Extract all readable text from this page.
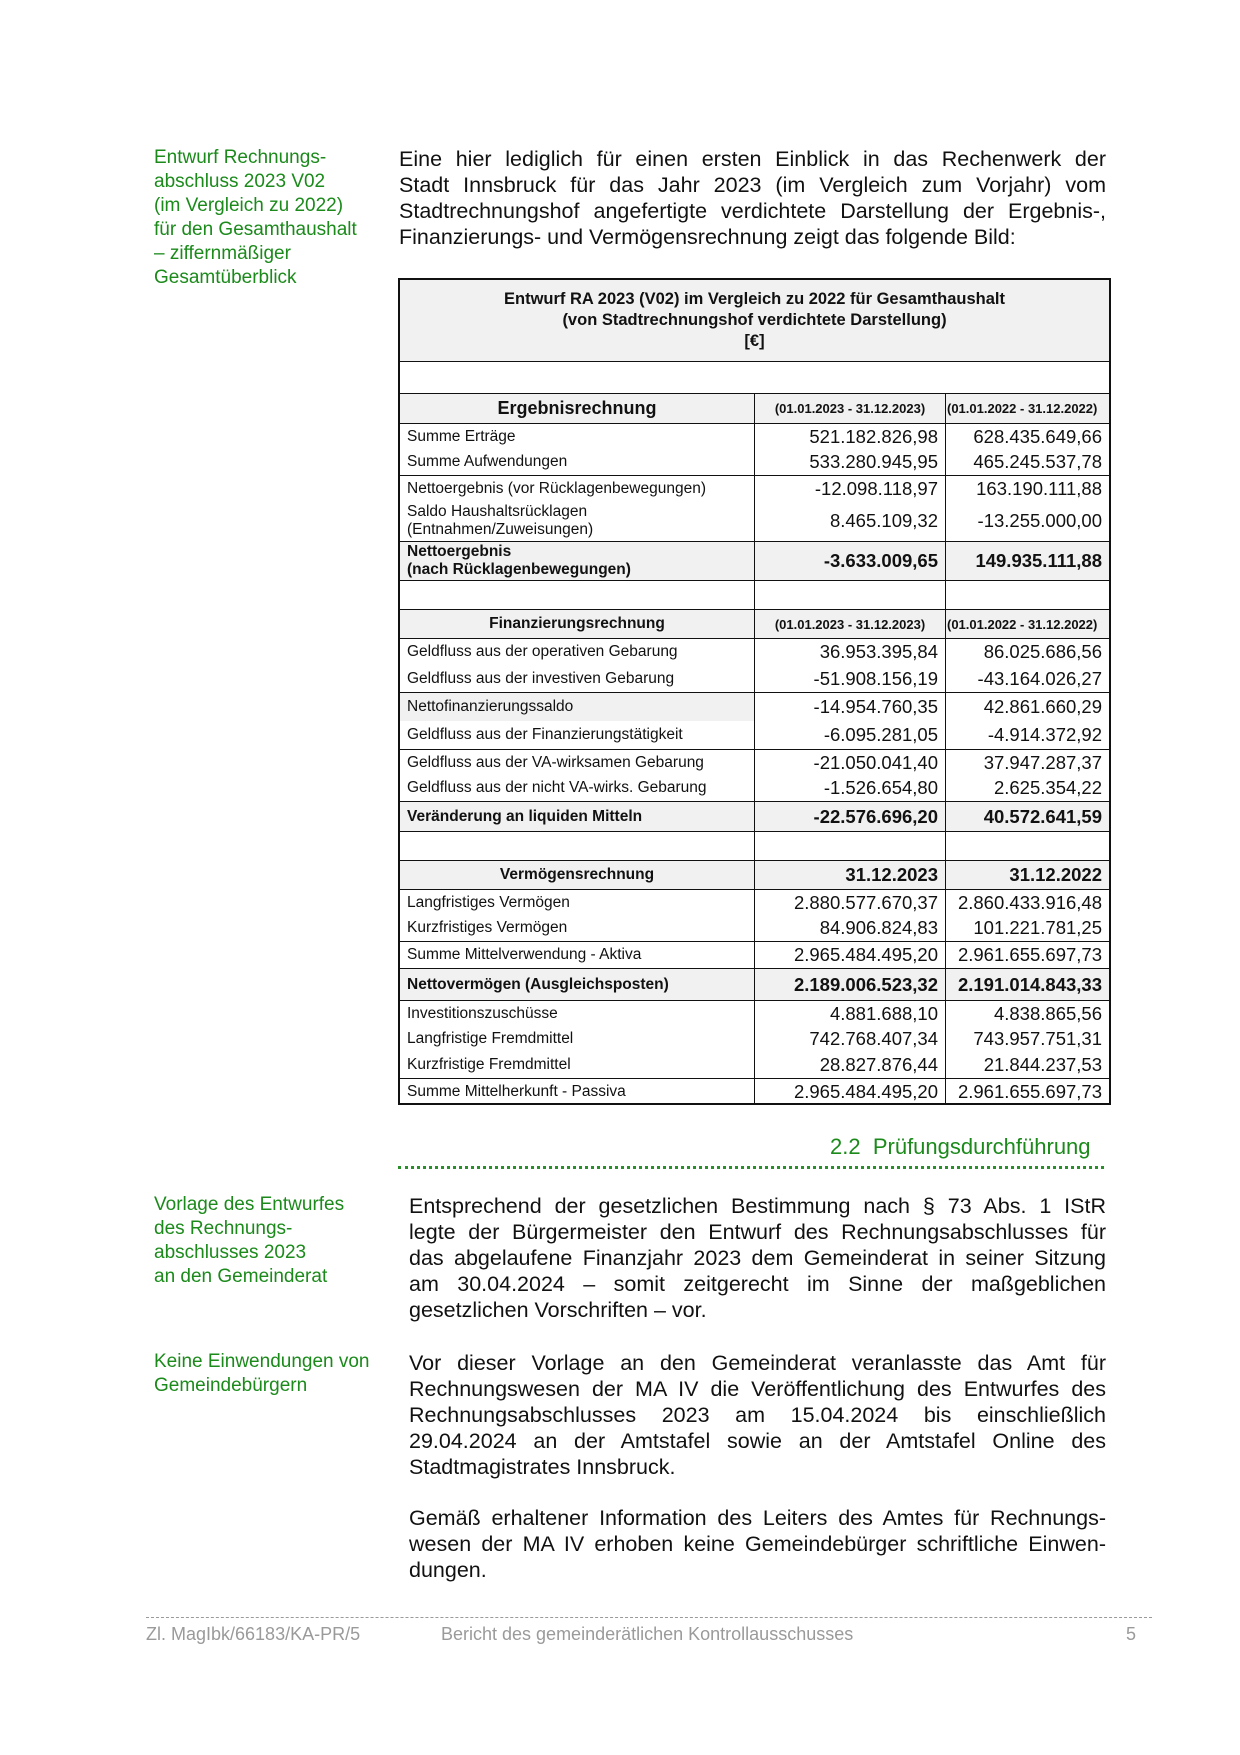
Entwurf Rechnungs-
abschluss 2023 V02
(im Vergleich zu 2022)
für den Gesamthaushalt
– ziffernmäßiger
Gesamtüberblick
Eine hier lediglich für einen ersten Einblick in das Rechenwerk der
Stadt Innsbruck für das Jahr 2023 (im Vergleich zum Vorjahr) vom
Stadtrechnungshof angefertigte verdichtete Darstellung der Ergebnis-,
Finanzierungs- und Vermögensrechnung zeigt das folgende Bild:
Entwurf RA 2023 (V02) im Vergleich zu 2022 für Gesamthaushalt
(von Stadtrechnungshof verdichtete Darstellung)
[€]
Ergebnisrechnung	(01.01.2023 - 31.12.2023)	(01.01.2022 - 31.12.2022)
Summe Erträge	521.182.826,98	628.435.649,66
Summe Aufwendungen	533.280.945,95	465.245.537,78
Nettoergebnis (vor Rücklagenbewegungen)	-12.098.118,97	163.190.111,88
Saldo Haushaltsrücklagen
(Entnahmen/Zuweisungen)	8.465.109,32	-13.255.000,00
Nettoergebnis
(nach Rücklagenbewegungen)	-3.633.009,65	149.935.111,88
Finanzierungsrechnung	(01.01.2023 - 31.12.2023)	(01.01.2022 - 31.12.2022)
Geldfluss aus der operativen Gebarung	36.953.395,84	86.025.686,56
Geldfluss aus der investiven Gebarung	-51.908.156,19	-43.164.026,27
Nettofinanzierungssaldo	-14.954.760,35	42.861.660,29
Geldfluss aus der Finanzierungstätigkeit	-6.095.281,05	-4.914.372,92
Geldfluss aus der VA-wirksamen Gebarung	-21.050.041,40	37.947.287,37
Geldfluss aus der nicht VA-wirks. Gebarung	-1.526.654,80	2.625.354,22
Veränderung an liquiden Mitteln	-22.576.696,20	40.572.641,59
Vermögensrechnung	31.12.2023	31.12.2022
Langfristiges Vermögen	2.880.577.670,37	2.860.433.916,48
Kurzfristiges Vermögen	84.906.824,83	101.221.781,25
Summe Mittelverwendung - Aktiva	2.965.484.495,20	2.961.655.697,73
Nettovermögen (Ausgleichsposten)	2.189.006.523,32	2.191.014.843,33
Investitionszuschüsse	4.881.688,10	4.838.865,56
Langfristige Fremdmittel	742.768.407,34	743.957.751,31
Kurzfristige Fremdmittel	28.827.876,44	21.844.237,53
Summe Mittelherkunft - Passiva	2.965.484.495,20	2.961.655.697,73
2.2 Prüfungsdurchführung
Vorlage des Entwurfes
des Rechnungs-
abschlusses 2023
an den Gemeinderat
Entsprechend der gesetzlichen Bestimmung nach § 73 Abs. 1 IStR
legte der Bürgermeister den Entwurf des Rechnungsabschlusses für
das abgelaufene Finanzjahr 2023 dem Gemeinderat in seiner Sitzung
am 30.04.2024 – somit zeitgerecht im Sinne der maßgeblichen
gesetzlichen Vorschriften – vor.
Keine Einwendungen von
Gemeindebürgern
Vor dieser Vorlage an den Gemeinderat veranlasste das Amt für
Rechnungswesen der MA IV die Veröffentlichung des Entwurfes des
Rechnungsabschlusses 2023 am 15.04.2024 bis einschließlich
29.04.2024 an der Amtstafel sowie an der Amtstafel Online des
Stadtmagistrates Innsbruck.
Gemäß erhaltener Information des Leiters des Amtes für Rechnungs-
wesen der MA IV erhoben keine Gemeindebürger schriftliche Einwen-
dungen.
Zl. MagIbk/66183/KA-PR/5	Bericht des gemeinderätlichen Kontrollausschusses	5
